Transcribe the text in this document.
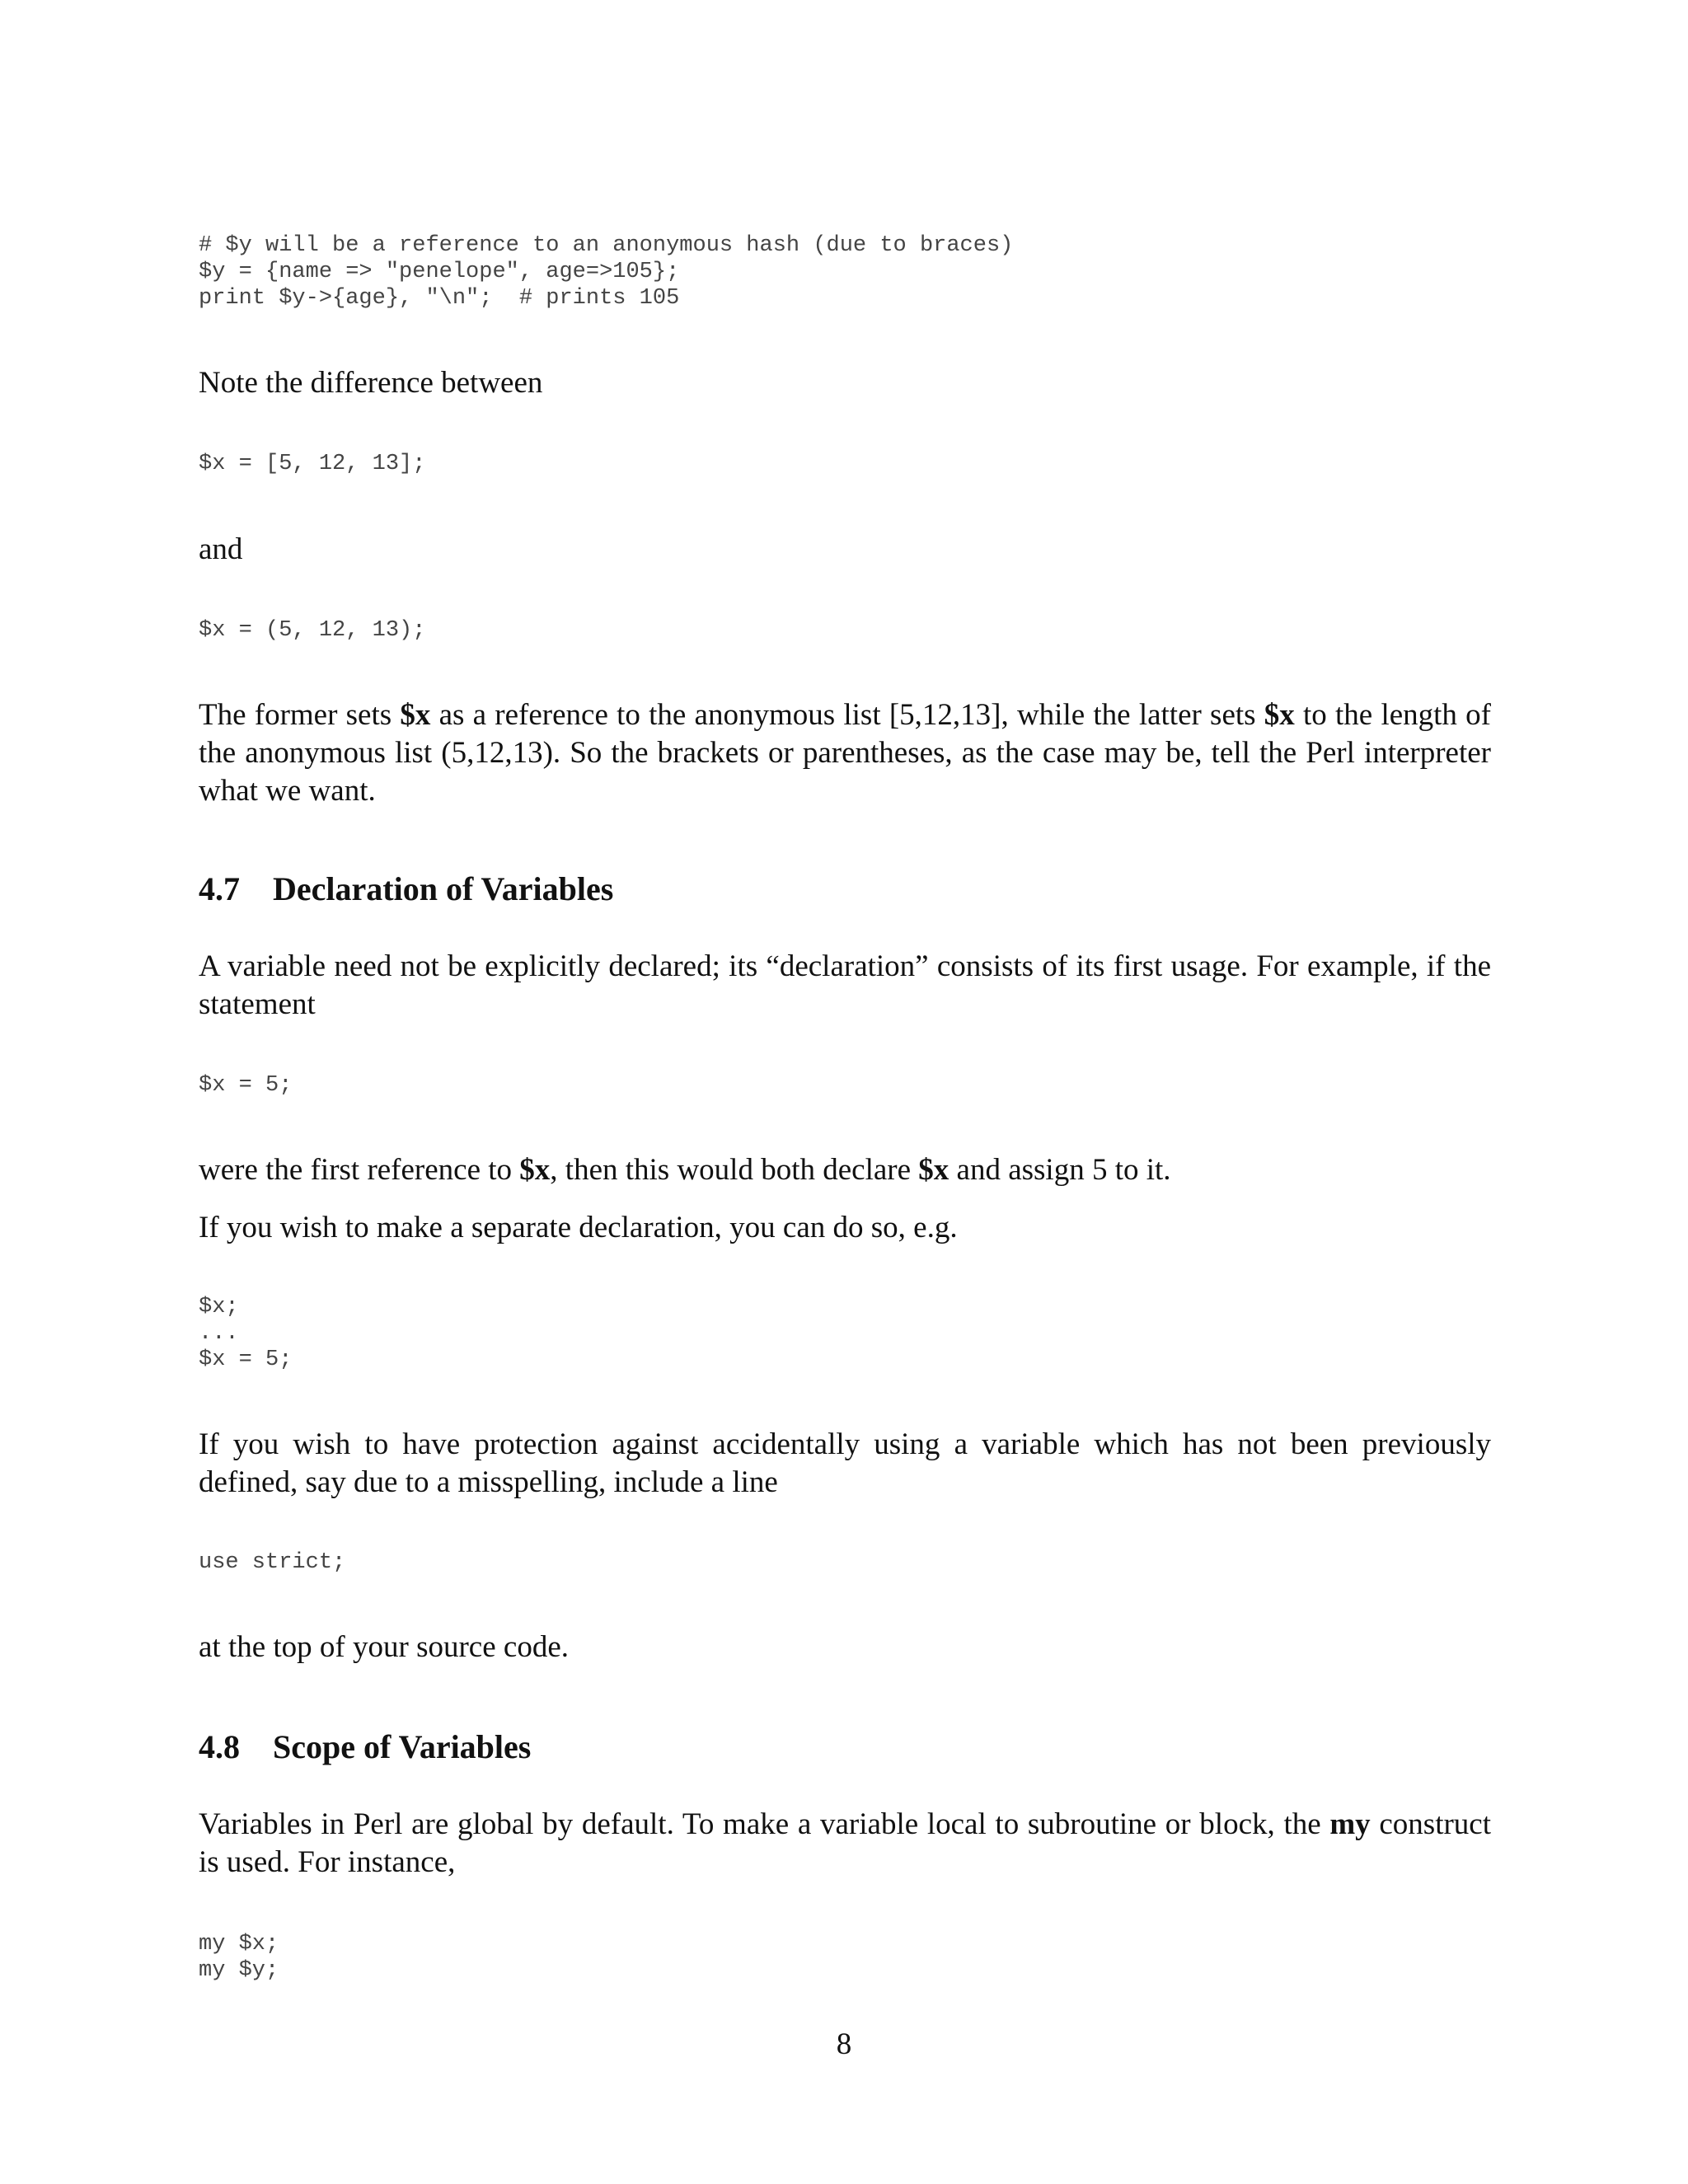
# $y will be a reference to an anonymous hash (due to braces)
$y = {name => "penelope", age=>105};
print $y->{age}, "\n";  # prints 105

Note the difference between

$x = [5, 12, 13];

and

$x = (5, 12, 13);

The former sets $x as a reference to the anonymous list [5,12,13], while the latter sets $x to the length of the anonymous list (5,12,13). So the brackets or parentheses, as the case may be, tell the Perl interpreter what we want.

4.7 Declaration of Variables

A variable need not be explicitly declared; its “declaration” consists of its first usage. For example, if the statement

$x = 5;

were the first reference to $x, then this would both declare $x and assign 5 to it.

If you wish to make a separate declaration, you can do so, e.g.

$x;
...
$x = 5;

If you wish to have protection against accidentally using a variable which has not been previously defined, say due to a misspelling, include a line

use strict;

at the top of your source code.

4.8 Scope of Variables

Variables in Perl are global by default. To make a variable local to subroutine or block, the my construct is used. For instance,

my $x;
my $y;
8
